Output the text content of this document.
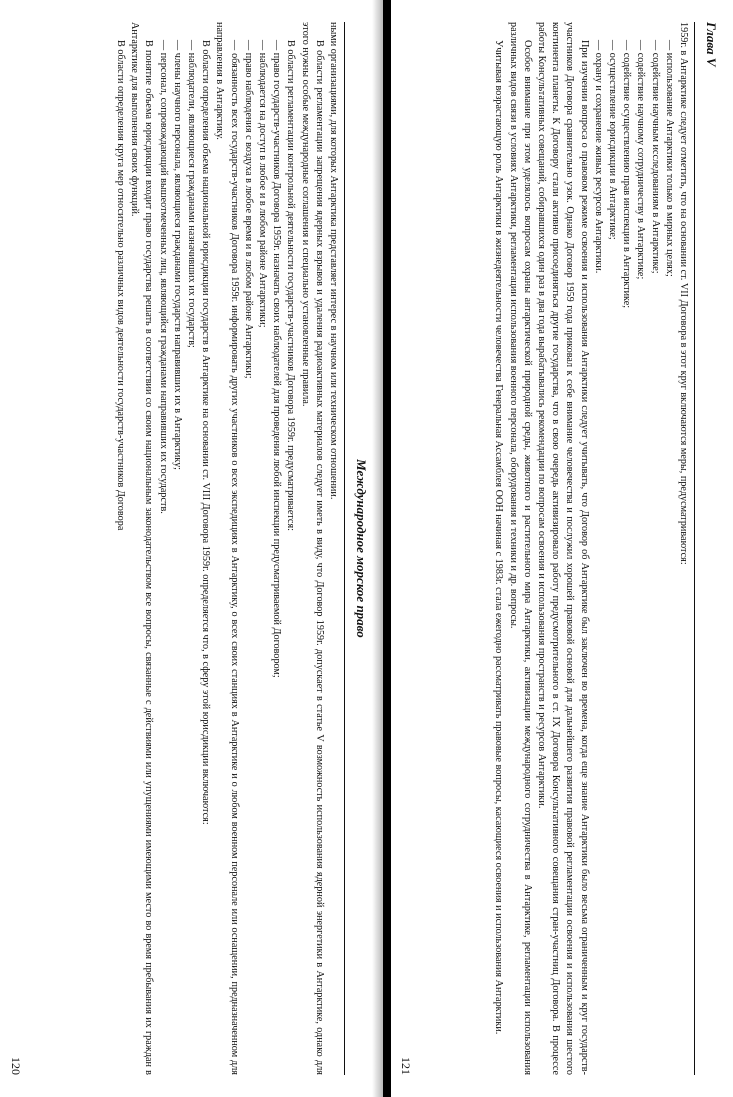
Международное морское право

ными организациями, для которых Антарктика представляет интерес в научном или техническом отношении.

В области регламентации запрещения ядерных взрывов и удаления радиоактивных материалов следует иметь в виду, что Договор 1959г. допускает в статье V возможность использования ядерной энергетики в Антарктике, однако для этого нужны особые международные соглашения и специально установленные правила.

В области регламентации контрольной деятельности государств-участников Договора 1959г. предусматривается:

— право государств-участников Договора 1959г. назначать своих наблюдателей для проведения любой инспекции предусматриваемой Договором;

— наблюдается на доступ в любое и в любом районе Антарктики;

— право наблюдения с воздуха в любое время и в любом районе Антарктики;

— обязанность всех государств-участников Договора 1959г. информировать других участников о всех экспедициях в Антарктику, о всех своих станциях в Антарктике и о любом военном персонале или оснащении, предназначенном для направления в Антарктику.

В области определения объема национальной юрисдикции государств в Антарктике на основании ст. VIII Договора 1959г. определяется что, в сферу этой юрисдикции включаются:

— наблюдатели, являющиеся гражданами назначивших их государств;

— члены научного персонала, являющиеся гражданами государств направивших их в Антарктику;

— персонал, сопровождающий вышеотмеченных лиц, являющийся гражданами направивших их государств.

В понятие объема юрисдикции входит право государства решать в соответствии со своим национальным законодательством все вопросы, связанные с действиями или упущениями имеющими место во время пребывания их граждан в Антарктике для выполнения своих функций.

В области определения круга мер относительно различных видов деятельности государств-участников Договора

120
Глава V

1959г. в Антарктике следует отметить, что на основании ст. VII Договора в этот круг включаются меры, предусматриваются:

— использование Антарктики только в мирных целях;

— содействие научным исследованиям в Антарктике;

— содействие научному сотрудничеству в Антарктике;

— содействие осуществлению прав инспекции в Антарктике;

— осуществление юрисдикции в Антарктике;

— охрану и сохранение живых ресурсов Антарктики.

При изучении вопроса о правовом режиме освоения и использования Антарктики следует учитывать, что Договор об Антарктике был заключен во времена, когда еще знание Антарктики было весьма ограниченным и круг государств-участников Договора сравнительно узок. Однако Договор 1959 года приковал к себе внимание человечества и послужил хорошей правовой основой для дальнейшего развития правовой регламентации освоения и использования шестого континента планеты. К Договору стали активно присоединяться другие государства, что в свою очередь активизировало работу предусмотрительного в ст. IX Договора Консультативного совещания стран-участниц Договора. В процессе работы Консультативных совещаний, собиравшихся один раз в два года вырабатывались рекомендации по вопросам освоения и использования пространств и ресурсов Антарктики.

Особое внимание при этом уделялось вопросам охраны антарктической природной среды, животного и растительного мира Антарктики, активизации международного сотрудничества в Антарктике, регламентации использования различных видов связи в условиях Антарктики, регламентации использования военного персонала, оборудования и техники и др. вопросы.

Учитывая возрастающую роль Антарктики в жизнедеятельности человечества Генеральная Ассамблея ООН начиная с 1983г. стала ежегодно рассматривать правовые вопросы, касающиеся освоения и использования Антарктики.

121
